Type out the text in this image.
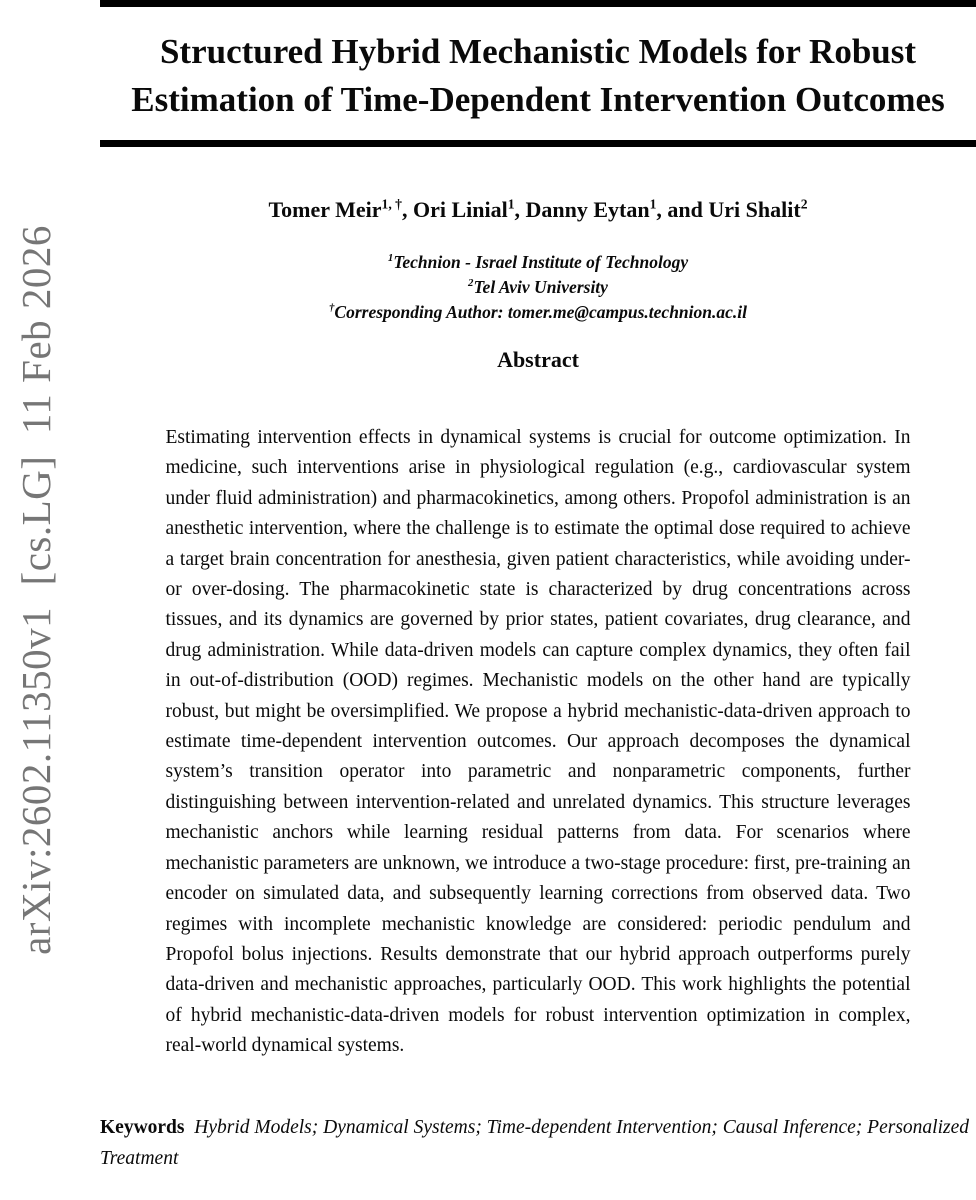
arXiv:2602.11350v1  [cs.LG]  11 Feb 2026
Structured Hybrid Mechanistic Models for Robust
Estimation of Time-Dependent Intervention Outcomes
Tomer Meir$^{1, \dagger}$, Ori Linial$^1$, Danny Eytan$^1$, and Uri Shalit$^2$
$^1$Technion - Israel Institute of Technology
$^2$Tel Aviv University
†Corresponding Author: tomer.me@campus.technion.ac.il
Abstract

Estimating intervention effects in dynamical systems is crucial for outcome optimization. In medicine, such interventions arise in physiological regulation (e.g., cardiovascular system under fluid administration) and pharmacokinetics, among others. Propofol administration is an anesthetic intervention, where the challenge is to estimate the optimal dose required to achieve a target brain concentration for anesthesia, given patient characteristics, while avoiding under- or over-dosing. The pharmacokinetic state is characterized by drug concentrations across tissues, and its dynamics are governed by prior states, patient covariates, drug clearance, and drug administration. While data-driven models can capture complex dynamics, they often fail in out-of-distribution (OOD) regimes. Mechanistic models on the other hand are typically robust, but might be oversimplified. We propose a hybrid mechanistic-data-driven approach to estimate time-dependent intervention outcomes. Our approach decomposes the dynamical system’s transition operator into parametric and nonparametric components, further distinguishing between intervention-related and unrelated dynamics. This structure leverages mechanistic anchors while learning residual patterns from data. For scenarios where mechanistic parameters are unknown, we introduce a two-stage procedure: first, pre-training an encoder on simulated data, and subsequently learning corrections from observed data. Two regimes with incomplete mechanistic knowledge are considered: periodic pendulum and Propofol bolus injections. Results demonstrate that our hybrid approach outperforms purely data-driven and mechanistic approaches, particularly OOD. This work highlights the potential of hybrid mechanistic-data-driven models for robust intervention optimization in complex, real-world dynamical systems.

Keywords Hybrid Models; Dynamical Systems; Time-dependent Intervention; Causal Inference; Personalized Treatment
